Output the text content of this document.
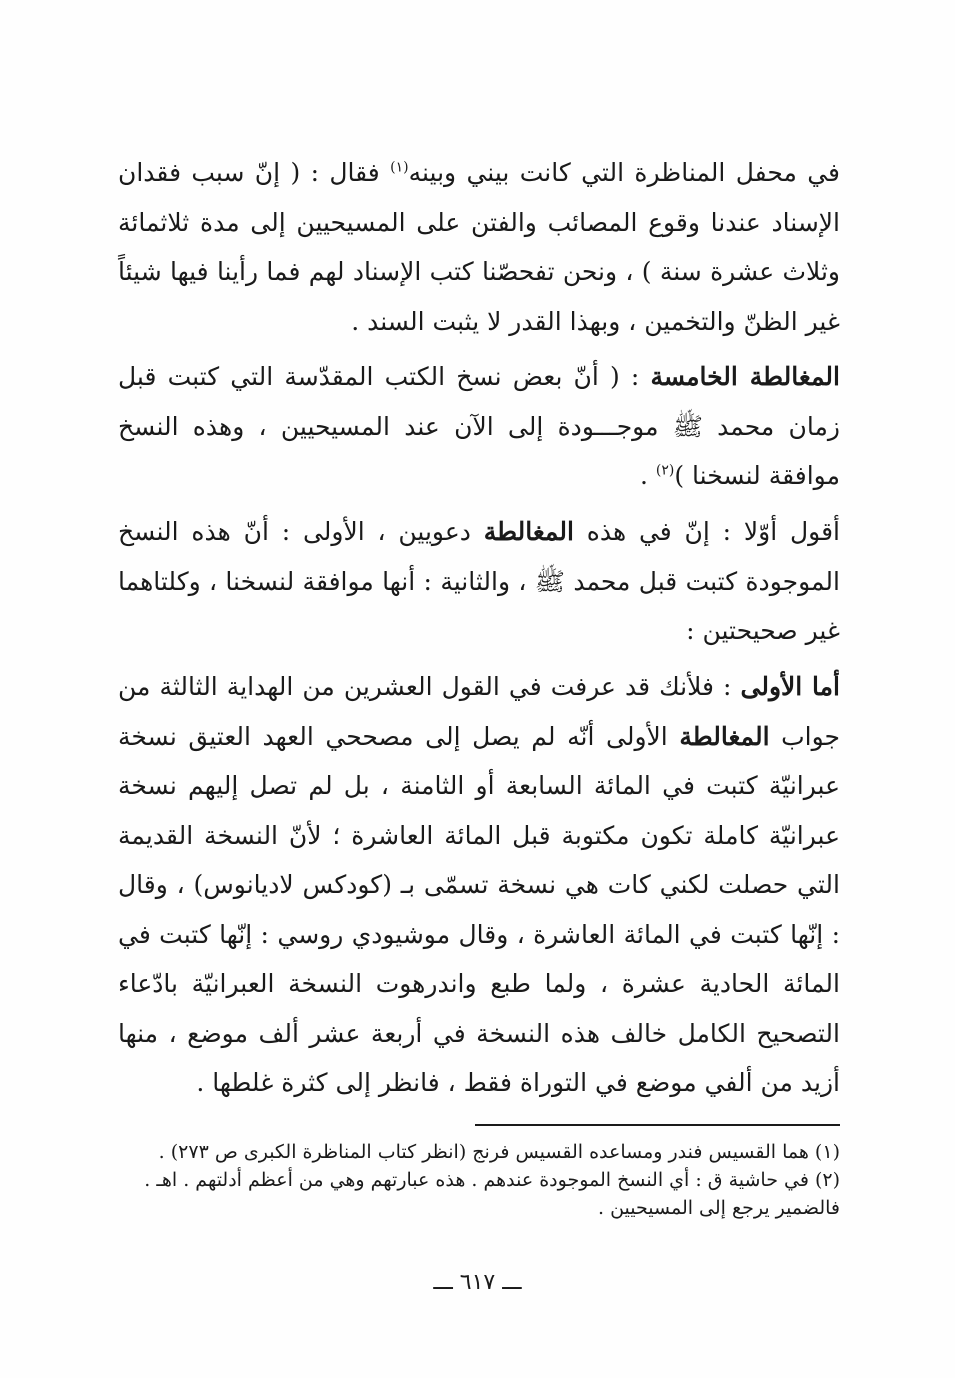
في محفل المناظرة التي كانت بيني وبينه$^{(١)}$ فقال : ( إنّ سبب فقدان الإسناد عندنا وقوع المصائب والفتن على المسيحيين إلى مدة ثلاثمائة وثلاث عشرة سنة ) ، ونحن تفحصّنا كتب الإسناد لهم فما رأينا فيها شيئاً غير الظنّ والتخمين ، وبهذا القدر لا يثبت السند .

المغالطة الخامسة : ( أنّ بعض نسخ الكتب المقدّسة التي كتبت قبل زمان محمد ﷺ موجـــودة إلى الآن عند المسيحيين ، وهذه النسخ موافقة لنسخنا )$^{(٢)}$ .

أقول أوّلا : إنّ في هذه المغالطة دعويين ، الأولى : أنّ هذه النسخ الموجودة كتبت قبل محمد ﷺ ، والثانية : أنها موافقة لنسخنا ، وكلتاهما غير صحيحتين :

أما الأولى : فلأنك قد عرفت في القول العشرين من الهداية الثالثة من جواب المغالطة الأولى أنّه لم يصل إلى مصححي العهد العتيق نسخة عبرانيّة كتبت في المائة السابعة أو الثامنة ، بل لم تصل إليهم نسخة عبرانيّة كاملة تكون مكتوبة قبل المائة العاشرة ؛ لأنّ النسخة القديمة التي حصلت لكني كات هي نسخة تسمّى بـ (كودكس لاديانوس) ، وقال : إنّها كتبت في المائة العاشرة ، وقال موشيودي روسي : إنّها كتبت في المائة الحادية عشرة ، ولما طبع واندرهوت النسخة العبرانيّة بادّعاء التصحيح الكامل خالف هذه النسخة في أربعة عشر ألف موضع ، منها أزيد من ألفي موضع في التوراة فقط ، فانظر إلى كثرة غلطها .

(١) هما القسيس فندر ومساعده القسيس فرنج (انظر كتاب المناظرة الكبرى ص ٢٧٣) .

(٢) في حاشية ق : أي النسخ الموجودة عندهم . هذه عبارتهم وهي من أعظم أدلتهم . اهـ . فالضمير يرجع إلى المسيحيين .

ـــ ٦١٧ ـــ
